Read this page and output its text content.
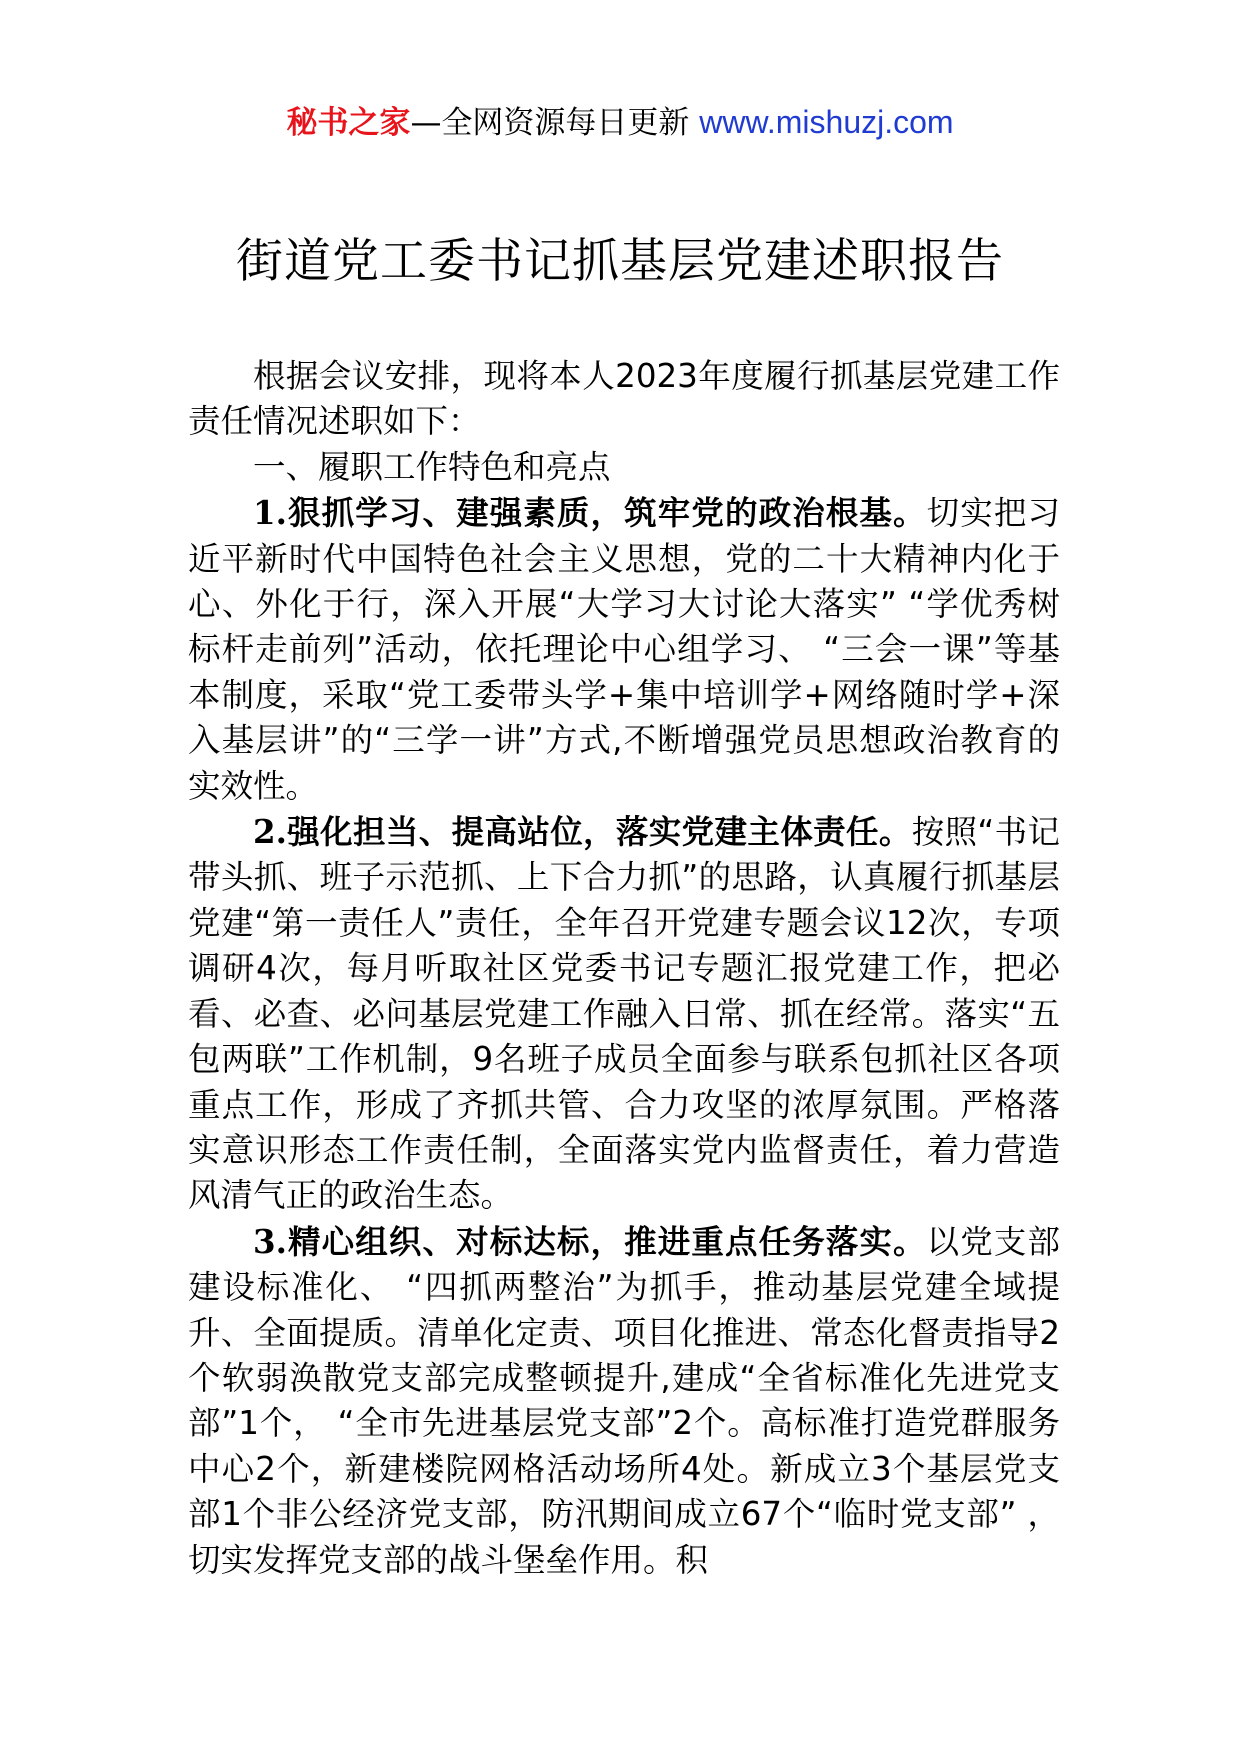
秘书之家—全网资源每日更新 www.mishuzj.com
街道党工委书记抓基层党建述职报告

根据会议安排，现将本人2023年度履行抓基层党建工作责任情况述职如下：

一、履职工作特色和亮点

1.狠抓学习、建强素质，筑牢党的政治根基。切实把习近平新时代中国特色社会主义思想，党的二十大精神内化于心、外化于行，深入开展“大学习大讨论大落实” “学优秀树标杆走前列”活动，依托理论中心组学习、 “三会一课”等基本制度，采取“党工委带头学+集中培训学+网络随时学+深入基层讲”的“三学一讲”方式,不断增强党员思想政治教育的实效性。

2.强化担当、提高站位，落实党建主体责任。按照“书记带头抓、班子示范抓、上下合力抓”的思路，认真履行抓基层党建“第一责任人”责任，全年召开党建专题会议12次，专项调研4次，每月听取社区党委书记专题汇报党建工作，把必看、必查、必问基层党建工作融入日常、抓在经常。落实“五包两联”工作机制，9名班子成员全面参与联系包抓社区各项重点工作，形成了齐抓共管、合力攻坚的浓厚氛围。严格落实意识形态工作责任制，全面落实党内监督责任，着力营造风清气正的政治生态。

3.精心组织、对标达标，推进重点任务落实。以党支部建设标准化、 “四抓两整治”为抓手，推动基层党建全域提升、全面提质。清单化定责、项目化推进、常态化督责指导2个软弱涣散党支部完成整顿提升,建成“全省标准化先进党支部”1个， “全市先进基层党支部”2个。高标准打造党群服务中心2个，新建楼院网格活动场所4处。新成立3个基层党支部1个非公经济党支部，防汛期间成立67个“临时党支部” ，切实发挥党支部的战斗堡垒作用。积
